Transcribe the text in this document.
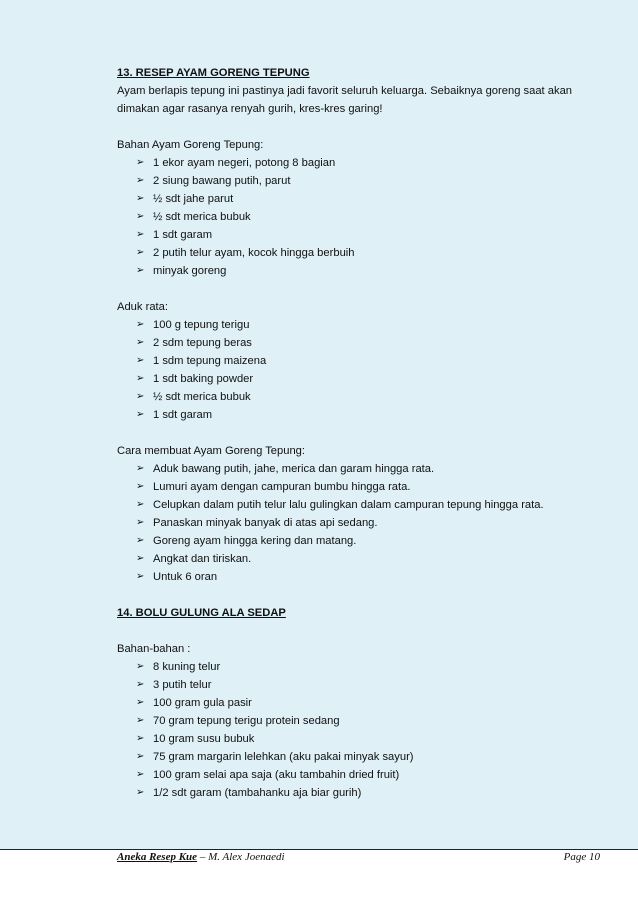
13. RESEP AYAM GORENG TEPUNG

Ayam berlapis tepung ini pastinya jadi favorit seluruh keluarga. Sebaiknya goreng saat akan dimakan agar rasanya renyah gurih, kres-kres garing!

Bahan Ayam Goreng Tepung:

➢ 1 ekor ayam negeri, potong 8 bagian
➢ 2 siung bawang putih, parut
➢ ½ sdt jahe parut
➢ ½ sdt merica bubuk
➢ 1 sdt garam
➢ 2 putih telur ayam, kocok hingga berbuih
➢ minyak goreng

Aduk rata:

➢ 100 g tepung terigu
➢ 2 sdm tepung beras
➢ 1 sdm tepung maizena
➢ 1 sdt baking powder
➢ ½ sdt merica bubuk
➢ 1 sdt garam

Cara membuat Ayam Goreng Tepung:

➢ Aduk bawang putih, jahe, merica dan garam hingga rata.
➢ Lumuri ayam dengan campuran bumbu hingga rata.
➢ Celupkan dalam putih telur lalu gulingkan dalam campuran tepung hingga rata.
➢ Panaskan minyak banyak di atas api sedang.
➢ Goreng ayam hingga kering dan matang.
➢ Angkat dan tiriskan.
➢ Untuk 6 oran

14. BOLU GULUNG ALA SEDAP

Bahan-bahan :

➢ 8 kuning telur
➢ 3 putih telur
➢ 100 gram gula pasir
➢ 70 gram tepung terigu protein sedang
➢ 10 gram susu bubuk
➢ 75 gram margarin lelehkan (aku pakai minyak sayur)
➢ 100 gram selai apa saja (aku tambahin dried fruit)
➢ 1/2 sdt garam (tambahanku aja biar gurih)
Aneka Resep Kue – M. Alex Joenaedi	Page 10
